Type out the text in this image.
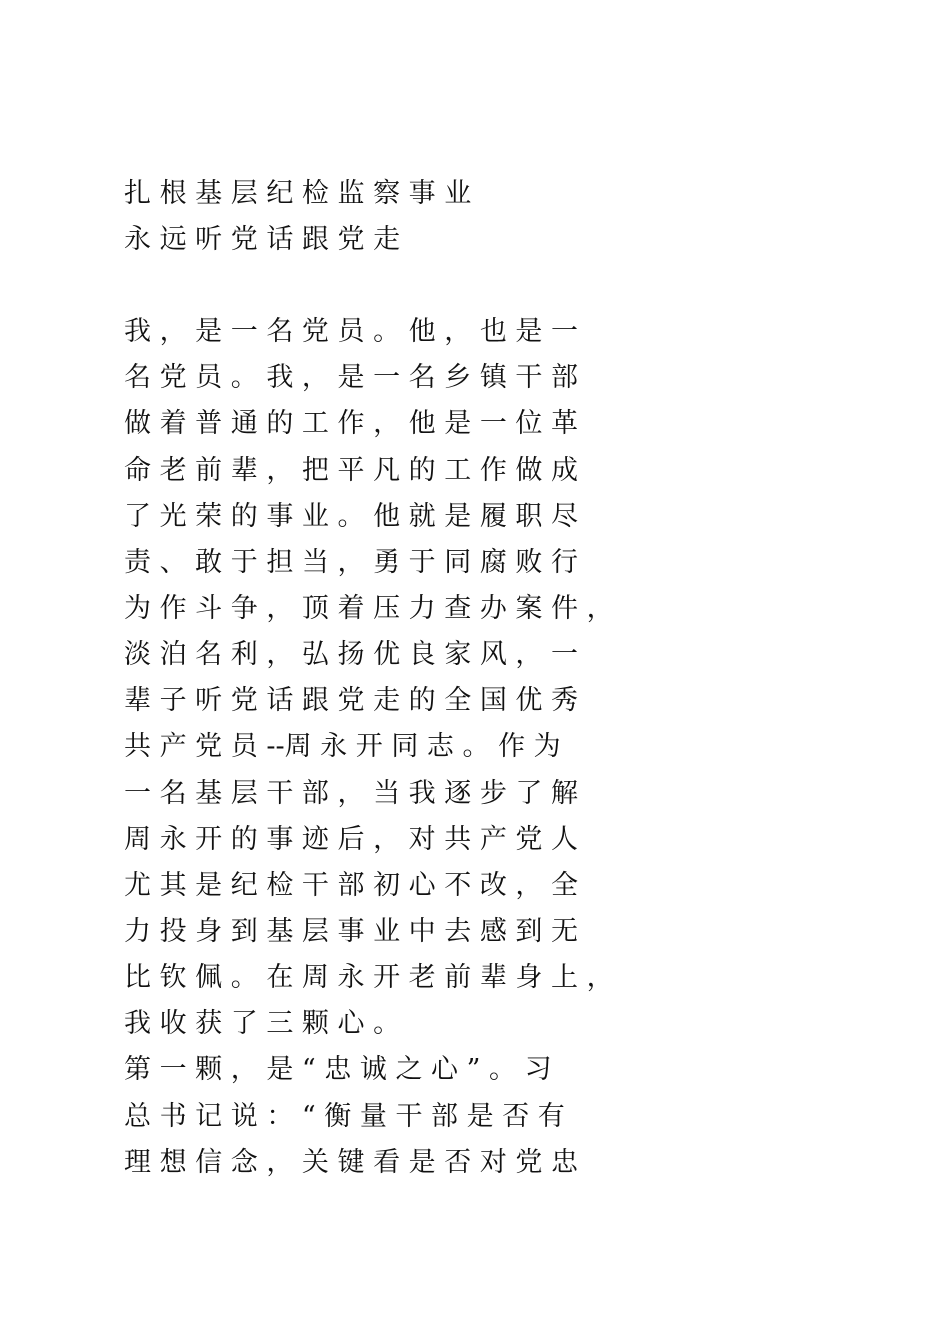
扎 根 基 层 纪 检 监 察 事 业
永 远 听 党 话 跟 党 走
我 ， 是 一 名 党 员 。 他 ， 也 是 一
名 党 员 。 我 ， 是 一 名 乡 镇 干 部
做 着 普 通 的 工 作 ， 他 是 一 位 革
命 老 前 辈 ， 把 平 凡 的 工 作 做 成
了 光 荣 的 事 业 。 他 就 是 履 职 尽
责 、 敢 于 担 当 ， 勇 于 同 腐 败 行
为 作 斗 争 ， 顶 着 压 力 查 办 案 件 ，
淡 泊 名 利 ， 弘 扬 优 良 家 风 ， 一
辈 子 听 党 话 跟 党 走 的 全 国 优 秀
共 产 党 员 --周 永 开 同 志 。 作 为
一 名 基 层 干 部 ， 当 我 逐 步 了 解
周 永 开 的 事 迹 后 ， 对 共 产 党 人
尤 其 是 纪 检 干 部 初 心 不 改 ， 全
力 投 身 到 基 层 事 业 中 去 感 到 无
比 钦 佩 。 在 周 永 开 老 前 辈 身 上 ，
我 收 获 了 三 颗 心 。
第 一 颗 ， 是 “ 忠 诚 之 心 ” 。 习
总 书 记 说 ： “ 衡 量 干 部 是 否 有
理 想 信 念 ， 关 键 看 是 否 对 党 忠
